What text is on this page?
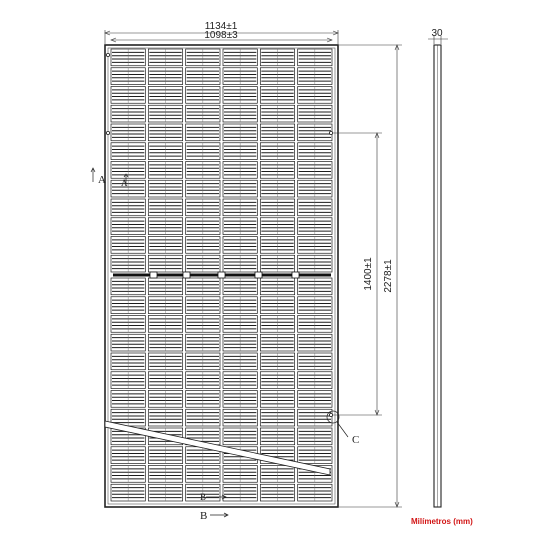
1134±1
1098±3
2278±1
1400±1
30
A A
B
B
C
Milímetros (mm)
